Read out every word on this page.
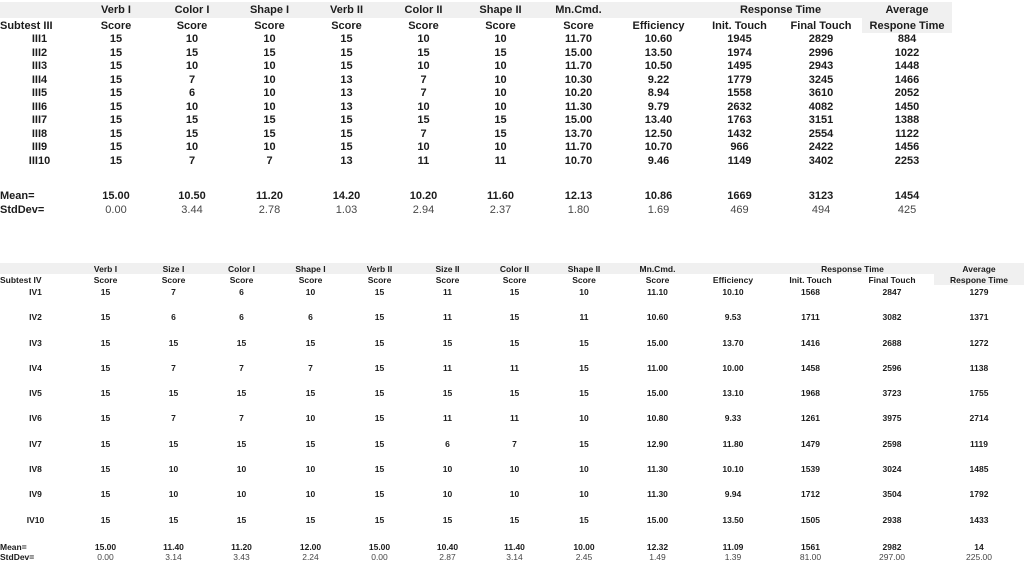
	Verb I	Color I	Shape I	Verb II	Color II	Shape II	Mn.Cmd.		Response Time		Average
Subtest III	Score	Score	Score	Score	Score	Score	Score	Efficiency	Init. Touch	Final Touch	Respone Time
III1	15	10	10	15	10	10	11.70	10.60	1945	2829	884
III2	15	15	15	15	15	15	15.00	13.50	1974	2996	1022
III3	15	10	10	15	10	10	11.70	10.50	1495	2943	1448
III4	15	7	10	13	7	10	10.30	9.22	1779	3245	1466
III5	15	6	10	13	7	10	10.20	8.94	1558	3610	2052
III6	15	10	10	13	10	10	11.30	9.79	2632	4082	1450
III7	15	15	15	15	15	15	15.00	13.40	1763	3151	1388
III8	15	15	15	15	7	15	13.70	12.50	1432	2554	1122
III9	15	10	10	15	10	10	11.70	10.70	966	2422	1456
III10	15	7	7	13	11	11	10.70	9.46	1149	3402	2253

Mean=	15.00	10.50	11.20	14.20	10.20	11.60	12.13	10.86	1669	3123	1454
StdDev=	0.00	3.44	2.78	1.03	2.94	2.37	1.80	1.69	469	494	425
	Verb I	Size I	Color I	Shape I	Verb II	Size II	Color II	Shape II	Mn.Cmd.		Response Time		Average
Subtest IV	Score	Score	Score	Score	Score	Score	Score	Score	Score	Efficiency	Init. Touch	Final Touch	Respone Time
IV1	15	7	6	10	15	11	15	10	11.10	10.10	1568	2847	1279
IV2	15	6	6	6	15	11	15	11	10.60	9.53	1711	3082	1371
IV3	15	15	15	15	15	15	15	15	15.00	13.70	1416	2688	1272
IV4	15	7	7	7	15	11	11	15	11.00	10.00	1458	2596	1138
IV5	15	15	15	15	15	15	15	15	15.00	13.10	1968	3723	1755
IV6	15	7	7	10	15	11	11	10	10.80	9.33	1261	3975	2714
IV7	15	15	15	15	15	6	7	15	12.90	11.80	1479	2598	1119
IV8	15	10	10	10	15	10	10	10	11.30	10.10	1539	3024	1485
IV9	15	10	10	10	15	10	10	10	11.30	9.94	1712	3504	1792
IV10	15	15	15	15	15	15	15	15	15.00	13.50	1505	2938	1433

Mean=	15.00	11.40	11.20	12.00	15.00	10.40	11.40	10.00	12.32	11.09	1561	2982	14
StdDev=	0.00	3.14	3.43	2.24	0.00	2.87	3.14	2.45	1.49	1.39	81.00	297.00	225.00
